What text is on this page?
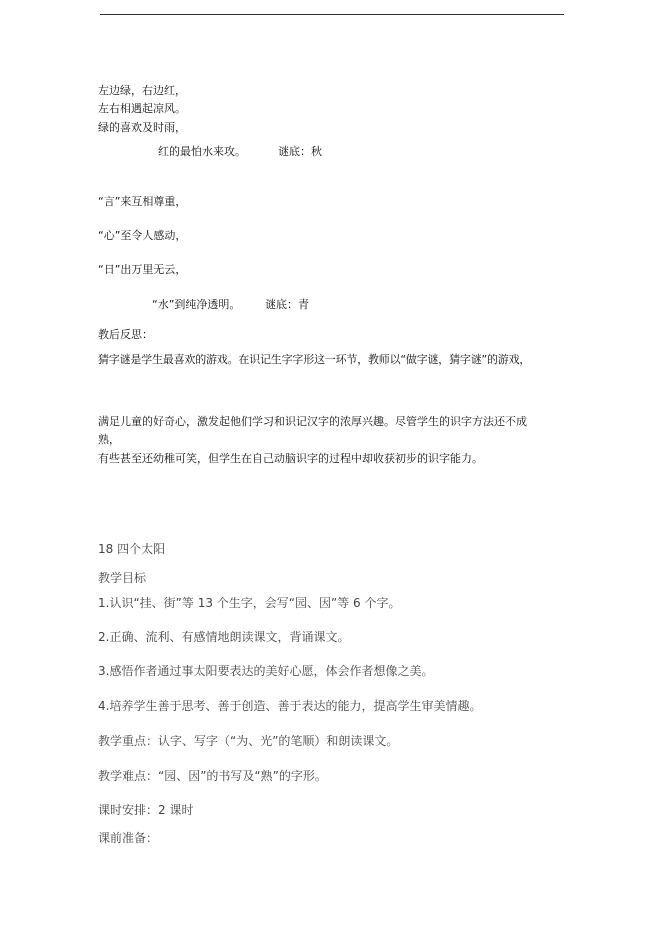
左边绿，右边红，
左右相遇起凉风。
绿的喜欢及时雨，
红的最怕水来攻。	谜底：秋
“言”来互相尊重，
“心”至令人感动，
“日”出万里无云，
“水”到纯净透明。 谜底：青
教后反思：
猜字谜是学生最喜欢的游戏。在识记生字字形这一环节，教师以“做字谜，猜字谜”的游戏，
满足儿童的好奇心，激发起他们学习和识记汉字的浓厚兴趣。尽管学生的识字方法还不成
熟，
有些甚至还幼稚可笑，但学生在自己动脑识字的过程中却收获初步的识字能力。
18 四个太阳
教学目标
1.认识“挂、街”等 13 个生字，会写“园、因”等 6 个字。
2.正确、流利、有感情地朗读课文，背诵课文。
3.感悟作者通过事太阳要表达的美好心愿，体会作者想像之美。
4.培养学生善于思考、善于创造、善于表达的能力，提高学生审美情趣。
教学重点：认字、写字（“为、光”的笔顺）和朗读课文。
教学难点：“园、因”的书写及“熟”的字形。
课时安排：2 课时
课前准备：
